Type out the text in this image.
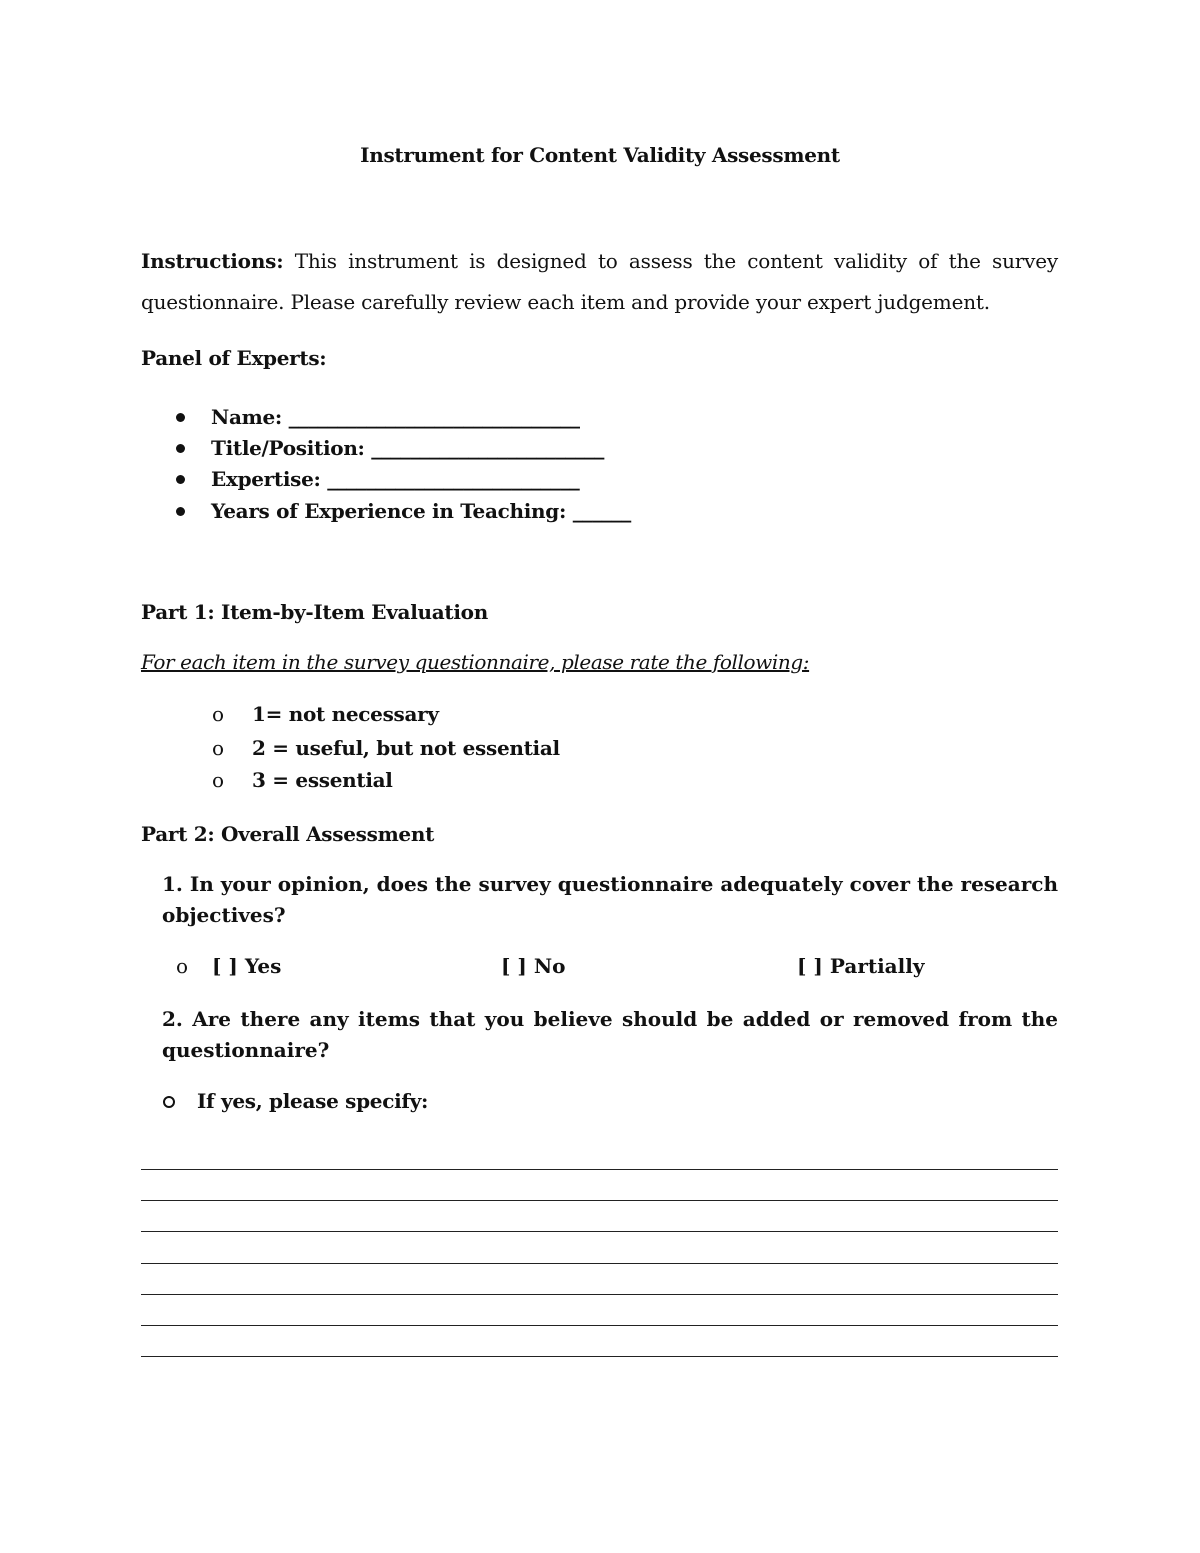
Instrument for Content Validity Assessment
Instructions: This instrument is designed to assess the content validity of the survey questionnaire. Please carefully review each item and provide your expert judgement.
Panel of Experts:
Name: ______________________________
Title/Position: ________________________
Expertise: __________________________
Years of Experience in Teaching: ______
Part 1: Item-by-Item Evaluation
For each item in the survey questionnaire, please rate the following:
o 1= not necessary
o 2 = useful, but not essential
o 3 = essential
Part 2: Overall Assessment
1. In your opinion, does the survey questionnaire adequately cover the research objectives?
o [ ] Yes	[ ] No	[ ] Partially
2. Are there any items that you believe should be added or removed from the questionnaire?
If yes, please specify:
